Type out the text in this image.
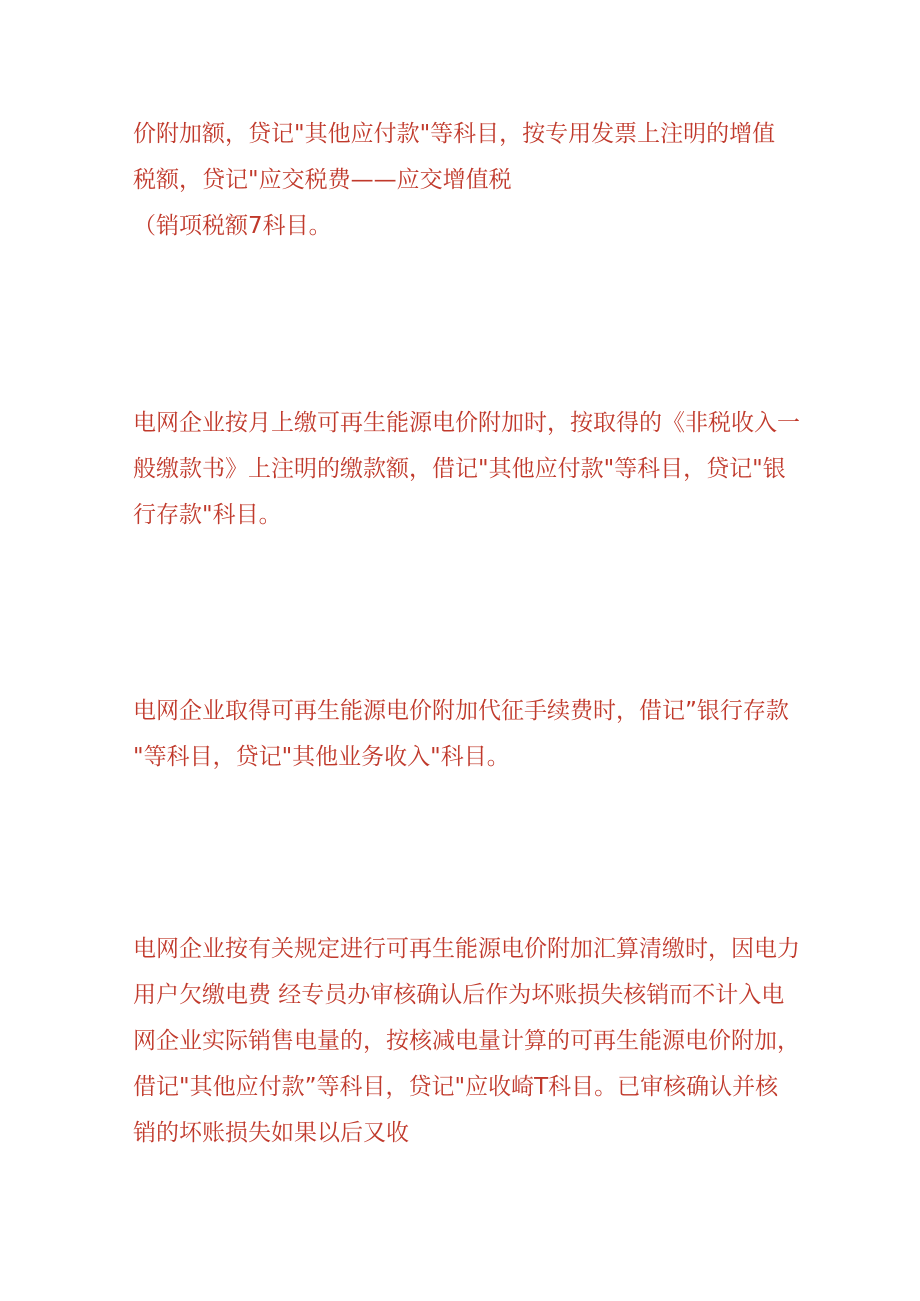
价附加额，贷记"其他应付款"等科目，按专用发票上注明的增值
税额，贷记"应交税费——应交增值税
（销项税额7科目。
电网企业按月上缴可再生能源电价附加时，按取得的《非税收入一
般缴款书》上注明的缴款额，借记"其他应付款"等科目，贷记"银
行存款"科目。
电网企业取得可再生能源电价附加代征手续费时，借记”银行存款
"等科目，贷记"其他业务收入"科目。
电网企业按有关规定进行可再生能源电价附加汇算清缴时，因电力
用户欠缴电费 经专员办审核确认后作为坏账损失核销而不计入电
网企业实际销售电量的，按核减电量计算的可再生能源电价附加，
借记"其他应付款”等科目，贷记"应收崎T科目。已审核确认并核
销的坏账损失如果以后又收
